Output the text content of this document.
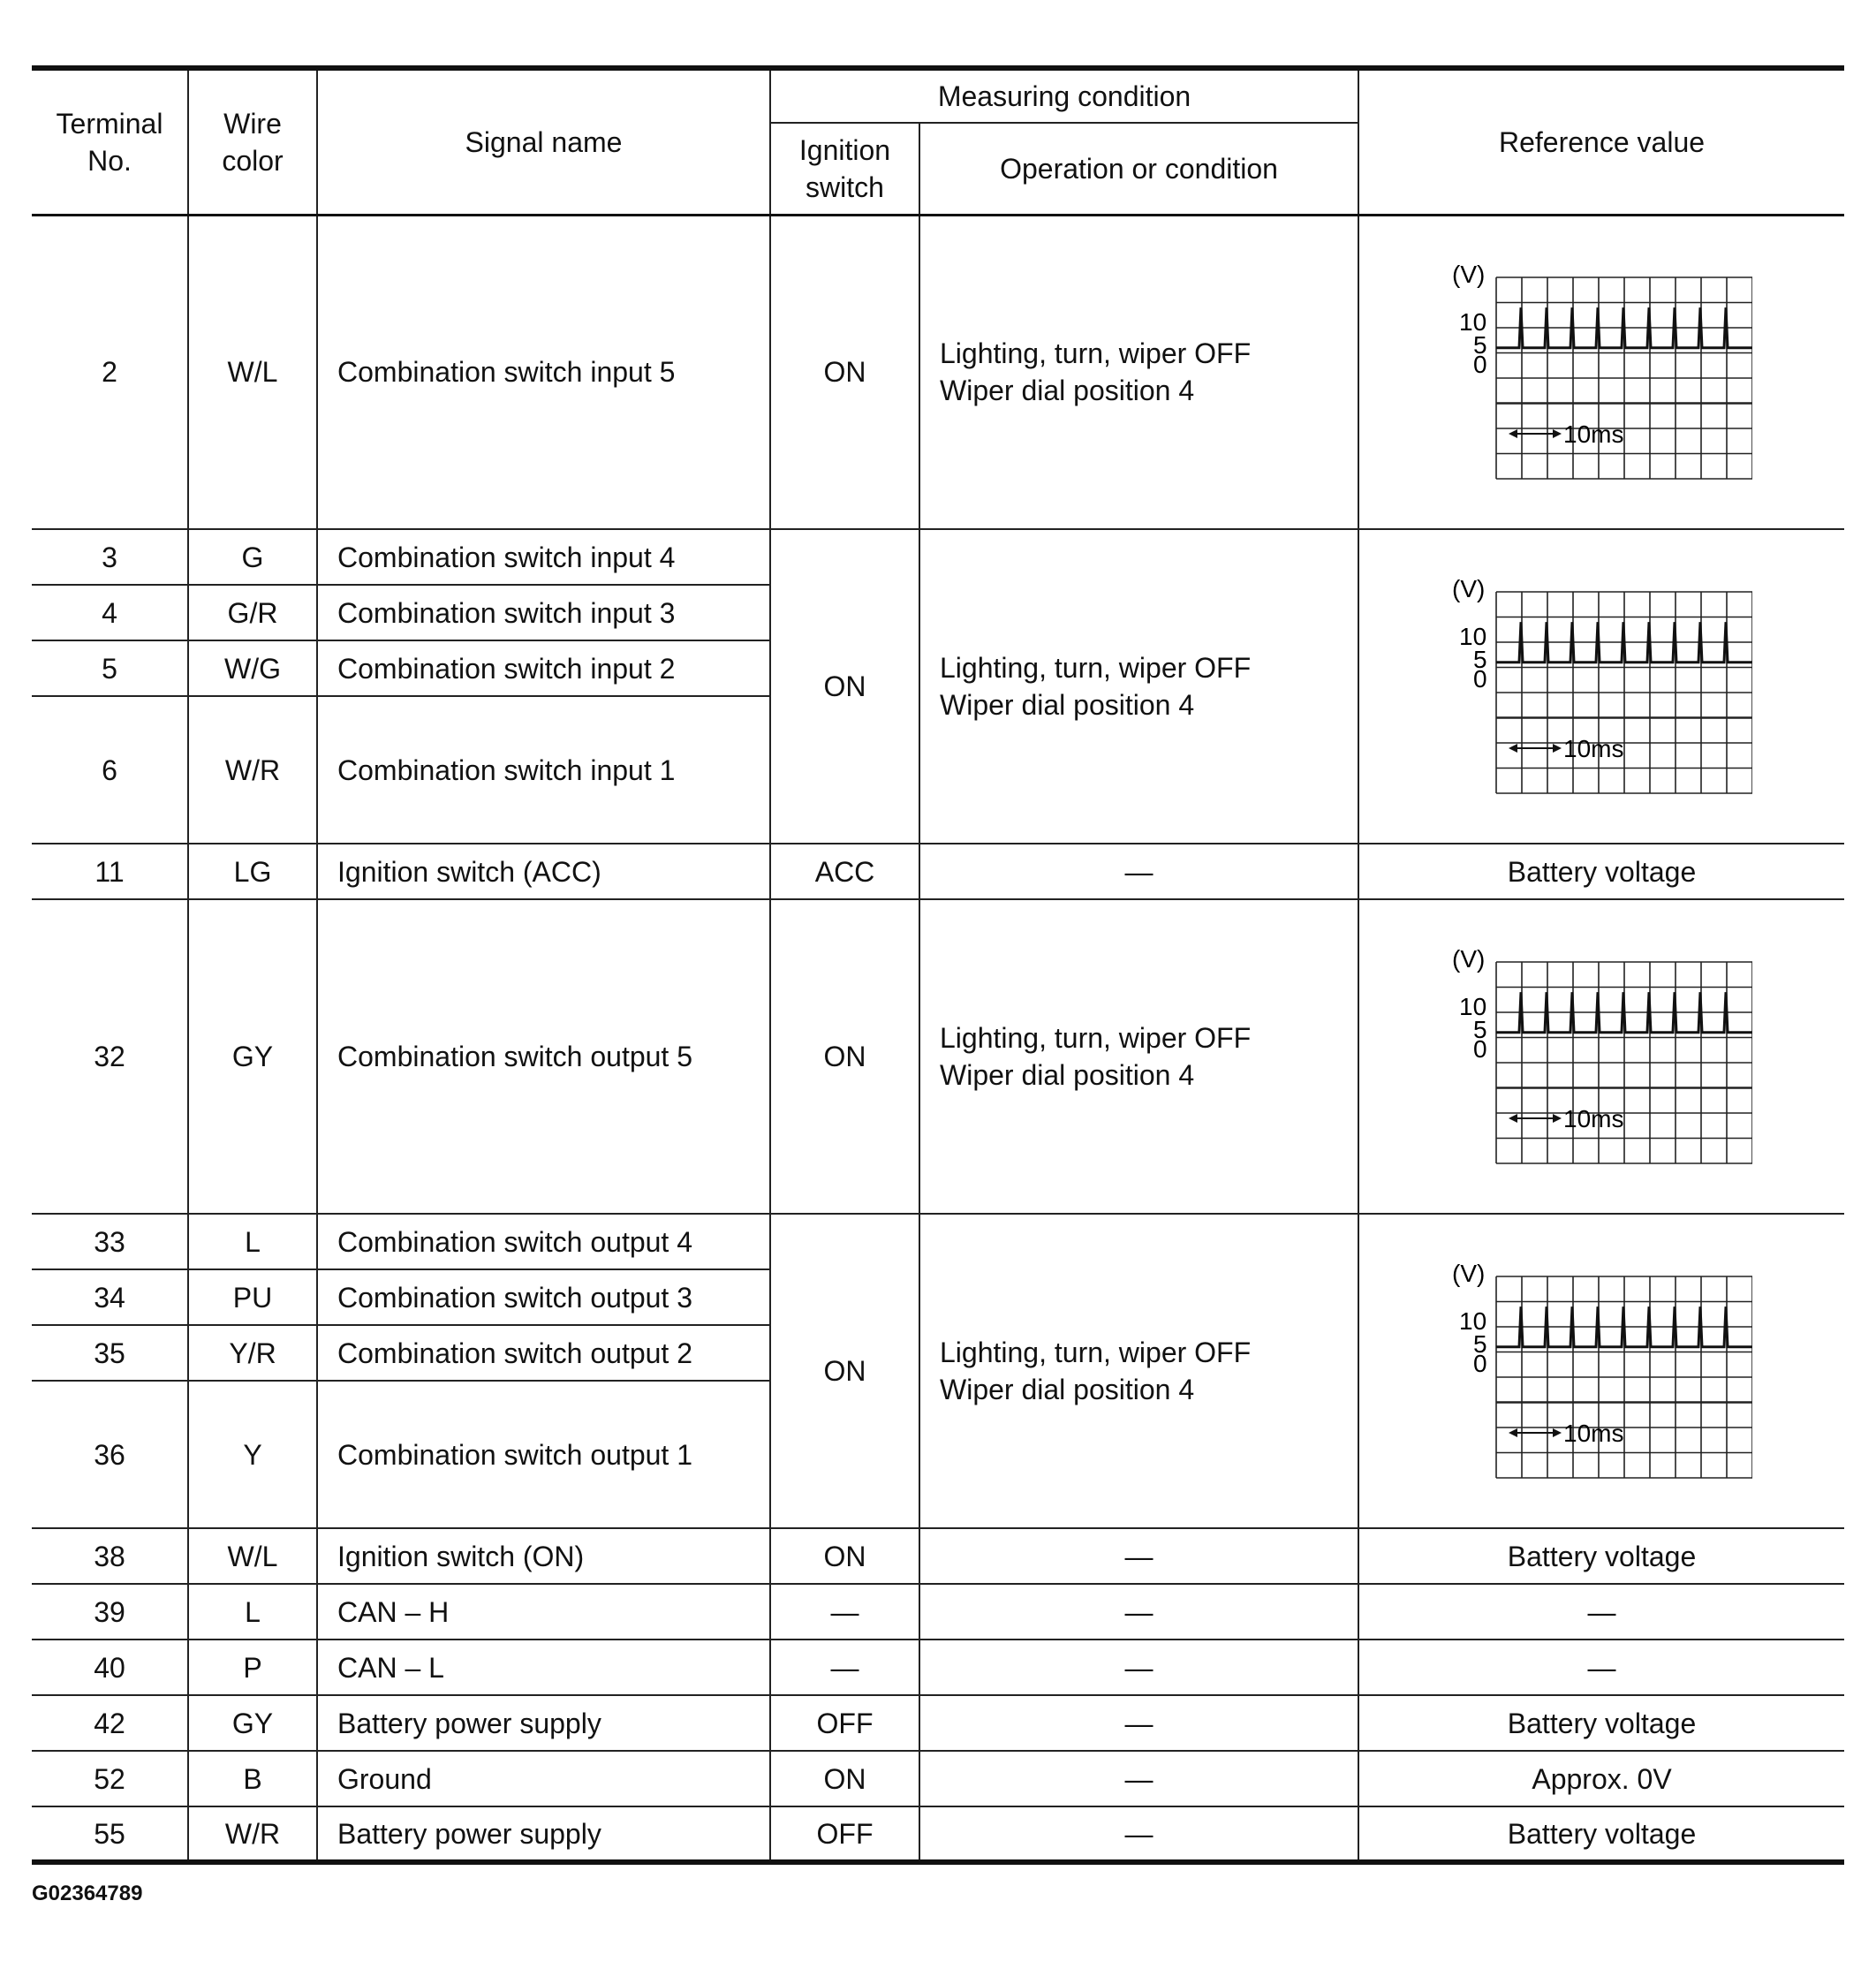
Terminal No.	Wire color	Signal name	Measuring condition		Reference value
			Ignition switch	Operation or condition	
2	W/L	Combination switch input 5	ON	Lighting, turn, wiper OFF
Wiper dial position 4	(V)
10
5
0
10ms

3	G	Combination switch input 4	ON	Lighting, turn, wiper OFF
Wiper dial position 4	(V)
10
5
0
10ms

4	G/R	Combination switch input 3			
5	W/G	Combination switch input 2			
6	W/R	Combination switch input 1			
11	LG	Ignition switch (ACC)	ACC	—	Battery voltage
32	GY	Combination switch output 5	ON	Lighting, turn, wiper OFF
Wiper dial position 4	(V)
10
5
0
10ms

33	L	Combination switch output 4	ON	Lighting, turn, wiper OFF
Wiper dial position 4	(V)
10
5
0
10ms

34	PU	Combination switch output 3			
35	Y/R	Combination switch output 2			
36	Y	Combination switch output 1			
38	W/L	Ignition switch (ON)	ON	—	Battery voltage
39	L	CAN – H	—	—	—
40	P	CAN – L	—	—	—
42	GY	Battery power supply	OFF	—	Battery voltage
52	B	Ground	ON	—	Approx. 0V
55	W/R	Battery power supply	OFF	—	Battery voltage
G02364789
